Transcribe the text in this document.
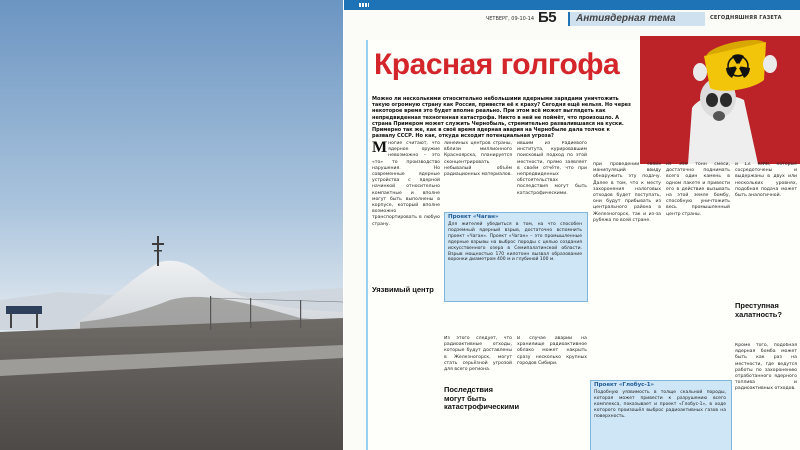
ЧЕТВЕРГ, 09-10-14 Б5 Антиядерная тема	СЕГОДНЯШНЯЯ ГАЗЕТА
Красная голгофа
Можно ли несколькими относительно небольшими ядерными зарядами уничтожить такую огромную страну как Россия, привести её к краху? Сегодня ещё нельзя. Но через некоторое время это будет вполне реально. При этом всё может выглядеть как непредвиденная техногенная катастрофа. Никто в ней не поймёт, что произошло. А страна Примером может служить Чернобыль, стремительно развалившаяся на куски. Примерно так же, как в своё время ядерная авария на Чернобыле дала толчок к развалу СССР. Но как, откуда исходит потенциальная угроза?
Многие считают, что ядерное оружие невозможно – это «то» то производство нарушения. Но современные ядерные устройства с ядерной начинкой относительно компактные и вполне могут быть выполнены в корпусе, который вполне возможно транспортировать в любую страну.
Уязвимый центр
линейных центров страны, вблизи миллионного Красноярска, планируется сконцентрировать небывалый объём радиационных материалов.
ившим из Радиевого института, курировавшим поисковый подход по этой местности, прямо заявляет в своём отчёте, что при непредвиденных обстоятельствах последствия могут быть катастрофическими.
Проект «Чаган»
Для жителей убедиться в том, на что способен подземный ядерный взрыв, достаточно вспомнить проект «Чаган». Проект «Чаган» – это промышленные ядерные взрывы на выброс породы с целью создания искусственного озера в Семипалатинской области. Взрыв мощностью 170 килотонн вызвал образование воронки диаметром 400 м и глубиной 100 м.
Из этого следует, что радиоактивные отходы, которые будут доставлены в Железногорск, могут стать серьёзной угрозой для всего региона.
В случае аварии на хранилище радиоактивное облако может накрыть сразу несколько крупных городов Сибири.
Последствия могут быть катастрофическими
при проведении своих манипуляций ввиду обнаружить эту подачу. Далее в том, что к месту захоронения налоговых отходов будет поступать, они будут прибывать из центрального района в Железногорск, так и из-за рубежа по всей стране.
из 350 тонн смеси, достаточно поднимать всего один камень в одном пакете и привести его в действие вызывать на этой земле бомбу, способную уничтожить весь промышленный центр страны.
и 13. ЮИВ, которые сосредоточены и выдержаны в двух или нескольких уровнях, подобная подача может быть аналогичной.
Преступная халатность?
Кроме того, подобная ядерная бомба может быть как раз на местности, где ведутся работы по захоронению отработанного ядерного топлива и радиоактивных отходов.
Проект «Глобус-1»
Подобную уязвимость в толще скальной породы, которая может привести к разрушению всего комплекса, показывает и проект «Глобус-1», в ходе которого произошёл выброс радиоактивных газов на поверхность.
